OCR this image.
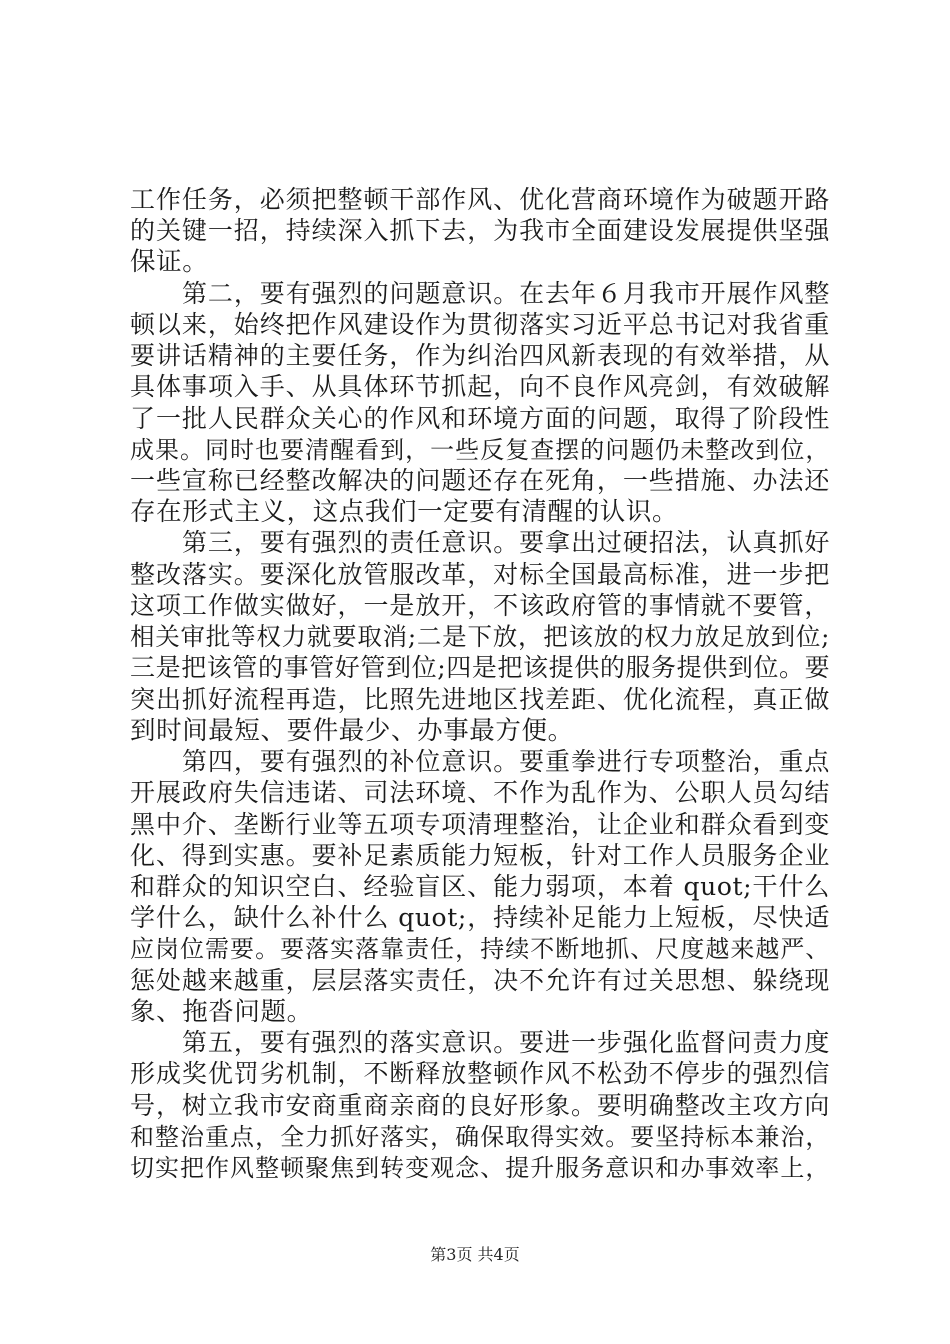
工作任务，必须把整顿干部作风、优化营商环境作为破题开路
的关键一招，持续深入抓下去，为我市全面建设发展提供坚强
保证。
第二，要有强烈的问题意识。在去年６月我市开展作风整
顿以来，始终把作风建设作为贯彻落实习近平总书记对我省重
要讲话精神的主要任务，作为纠治四风新表现的有效举措，从
具体事项入手、从具体环节抓起，向不良作风亮剑，有效破解
了一批人民群众关心的作风和环境方面的问题，取得了阶段性
成果。同时也要清醒看到，一些反复查摆的问题仍未整改到位，
一些宣称已经整改解决的问题还存在死角，一些措施、办法还
存在形式主义，这点我们一定要有清醒的认识。
第三，要有强烈的责任意识。要拿出过硬招法，认真抓好
整改落实。要深化放管服改革，对标全国最高标准，进一步把
这项工作做实做好，一是放开，不该政府管的事情就不要管，
相关审批等权力就要取消;二是下放，把该放的权力放足放到位;
三是把该管的事管好管到位;四是把该提供的服务提供到位。要
突出抓好流程再造，比照先进地区找差距、优化流程，真正做
到时间最短、要件最少、办事最方便。
第四，要有强烈的补位意识。要重拳进行专项整治，重点
开展政府失信违诺、司法环境、不作为乱作为、公职人员勾结
黑中介、垄断行业等五项专项清理整治，让企业和群众看到变
化、得到实惠。要补足素质能力短板，针对工作人员服务企业
和群众的知识空白、经验盲区、能力弱项，本着 quot;干什么
学什么，缺什么补什么 quot;，持续补足能力上短板，尽快适
应岗位需要。要落实落靠责任，持续不断地抓、尺度越来越严、
惩处越来越重，层层落实责任，决不允许有过关思想、躲绕现
象、拖沓问题。
第五，要有强烈的落实意识。要进一步强化监督问责力度
形成奖优罚劣机制，不断释放整顿作风不松劲不停步的强烈信
号，树立我市安商重商亲商的良好形象。要明确整改主攻方向
和整治重点，全力抓好落实，确保取得实效。要坚持标本兼治，
切实把作风整顿聚焦到转变观念、提升服务意识和办事效率上，
第3页 共4页
